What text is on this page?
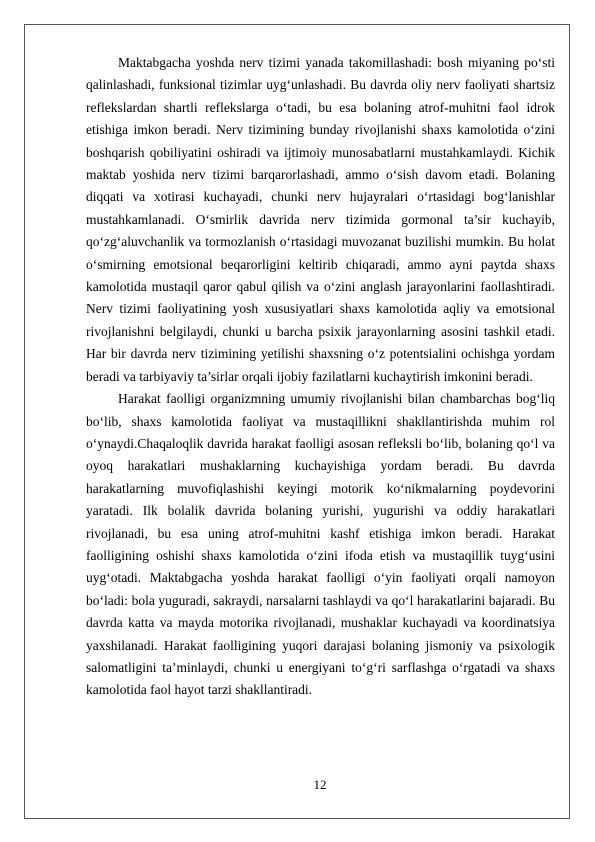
Maktabgacha yoshda nerv tizimi yanada takomillashadi: bosh miyaning po‘sti qalinlashadi, funksional tizimlar uyg‘unlashadi. Bu davrda oliy nerv faoliyati shartsiz reflekslardan shartli reflekslarga o‘tadi, bu esa bolaning atrof-muhitni faol idrok etishiga imkon beradi. Nerv tizimining bunday rivojlanishi shaxs kamolotida o‘zini boshqarish qobiliyatini oshiradi va ijtimoiy munosabatlarni mustahkamlaydi. Kichik maktab yoshida nerv tizimi barqarorlashadi, ammo o‘sish davom etadi. Bolaning diqqati va xotirasi kuchayadi, chunki nerv hujayralari o‘rtasidagi bog‘lanishlar mustahkamlanadi. O‘smirlik davrida nerv tizimida gormonal ta’sir kuchayib, qo‘zg‘aluvchanlik va tormozlanish o‘rtasidagi muvozanat buzilishi mumkin. Bu holat o‘smirning emotsional beqarorligini keltirib chiqaradi, ammo ayni paytda shaxs kamolotida mustaqil qaror qabul qilish va o‘zini anglash jarayonlarini faollashtiradi. Nerv tizimi faoliyatining yosh xususiyatlari shaxs kamolotida aqliy va emotsional rivojlanishni belgilaydi, chunki u barcha psixik jarayonlarning asosini tashkil etadi. Har bir davrda nerv tizimining yetilishi shaxsning o‘z potentsialini ochishga yordam beradi va tarbiyaviy ta’sirlar orqali ijobiy fazilatlarni kuchaytirish imkonini beradi.

Harakat faolligi organizmning umumiy rivojlanishi bilan chambarchas bog‘liq bo‘lib, shaxs kamolotida faoliyat va mustaqillikni shakllantirishda muhim rol o‘ynaydi.Chaqaloqlik davrida harakat faolligi asosan refleksli bo‘lib, bolaning qo‘l va oyoq harakatlari mushaklarning kuchayishiga yordam beradi. Bu davrda harakatlarning muvofiqlashishi keyingi motorik ko‘nikmalarning poydevorini yaratadi. Ilk bolalik davrida bolaning yurishi, yugurishi va oddiy harakatlari rivojlanadi, bu esa uning atrof-muhitni kashf etishiga imkon beradi. Harakat faolligining oshishi shaxs kamolotida o‘zini ifoda etish va mustaqillik tuyg‘usini uyg‘otadi. Maktabgacha yoshda harakat faolligi o‘yin faoliyati orqali namoyon bo‘ladi: bola yuguradi, sakraydi, narsalarni tashlaydi va qo‘l harakatlarini bajaradi. Bu davrda katta va mayda motorika rivojlanadi, mushaklar kuchayadi va koordinatsiya yaxshilanadi. Harakat faolligining yuqori darajasi bolaning jismoniy va psixologik salomatligini ta’minlaydi, chunki u energiyani to‘g‘ri sarflashga o‘rgatadi va shaxs kamolotida faol hayot tarzi shakllantiradi.

12
